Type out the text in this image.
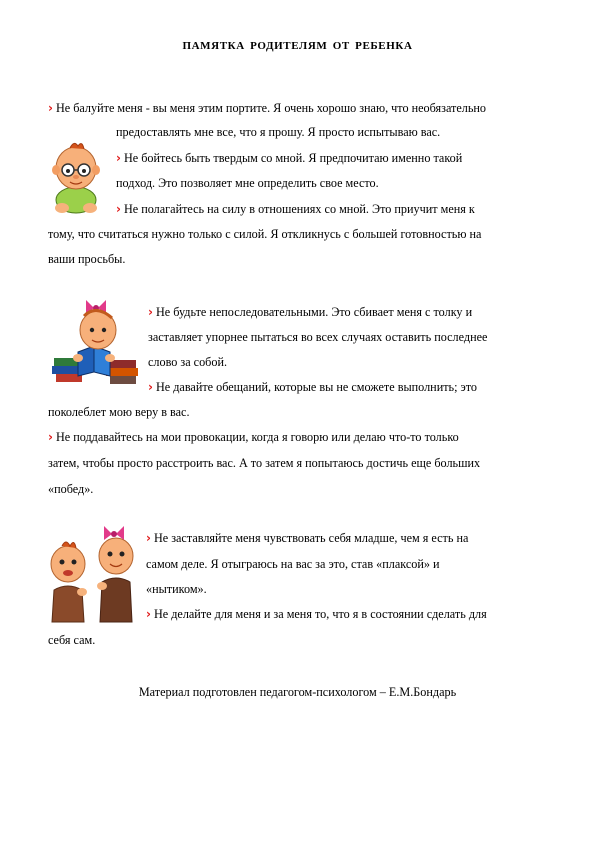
ПАМЯТКА РОДИТЕЛЯМ ОТ РЕБЕНКА
› Не балуйте меня - вы меня этим портите. Я очень хорошо знаю, что необязательно
предоставлять мне все, что я прошу. Я просто испытываю вас.
› Не бойтесь быть твердым со мной. Я предпочитаю именно такой
подход. Это позволяет мне определить свое место.
› Не полагайтесь на силу в отношениях со мной. Это приучит меня к
тому, что считаться нужно только с силой. Я откликнусь с большей готовностью на
ваши просьбы.
› Не будьте непоследовательными. Это сбивает меня с толку и
заставляет упорнее пытаться во всех случаях оставить последнее
слово за собой.
› Не давайте обещаний, которые вы не сможете выполнить; это
поколеблет мою веру в вас.
› Не поддавайтесь на мои провокации, когда я говорю или делаю что-то только
затем, чтобы просто расстроить вас. А то затем я попытаюсь достичь еще больших
«побед».
› Не заставляйте меня чувствовать себя младше, чем я есть на
самом деле. Я отыграюсь на вас за это, став «плаксой» и
«нытиком».
› Не делайте для меня и за меня то, что я в состоянии сделать для
себя сам.
Материал подготовлен педагогом-психологом – Е.М.Бондарь
